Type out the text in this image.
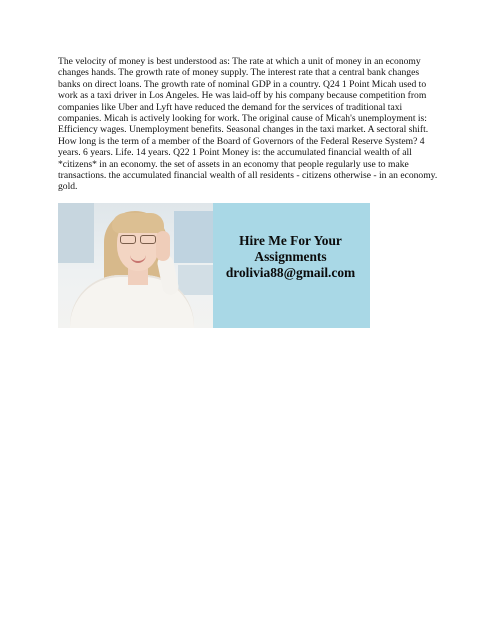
The velocity of money is best understood as: The rate at which a unit of money in an economy changes hands. The growth rate of money supply. The interest rate that a central bank changes banks on direct loans. The growth rate of nominal GDP in a country. Q24 1 Point Micah used to work as a taxi driver in Los Angeles. He was laid-off by his company because competition from companies like Uber and Lyft have reduced the demand for the services of traditional taxi companies. Micah is actively looking for work. The original cause of Micah's unemployment is: Efficiency wages. Unemployment benefits. Seasonal changes in the taxi market. A sectoral shift. How long is the term of a member of the Board of Governors of the Federal Reserve System? 4 years. 6 years. Life. 14 years. Q22 1 Point Money is: the accumulated financial wealth of all *citizens* in an economy. the set of assets in an economy that people regularly use to make transactions. the accumulated financial wealth of all residents - citizens otherwise - in an economy. gold.

Hire Me For Your
Assignments
drolivia88@gmail.com
